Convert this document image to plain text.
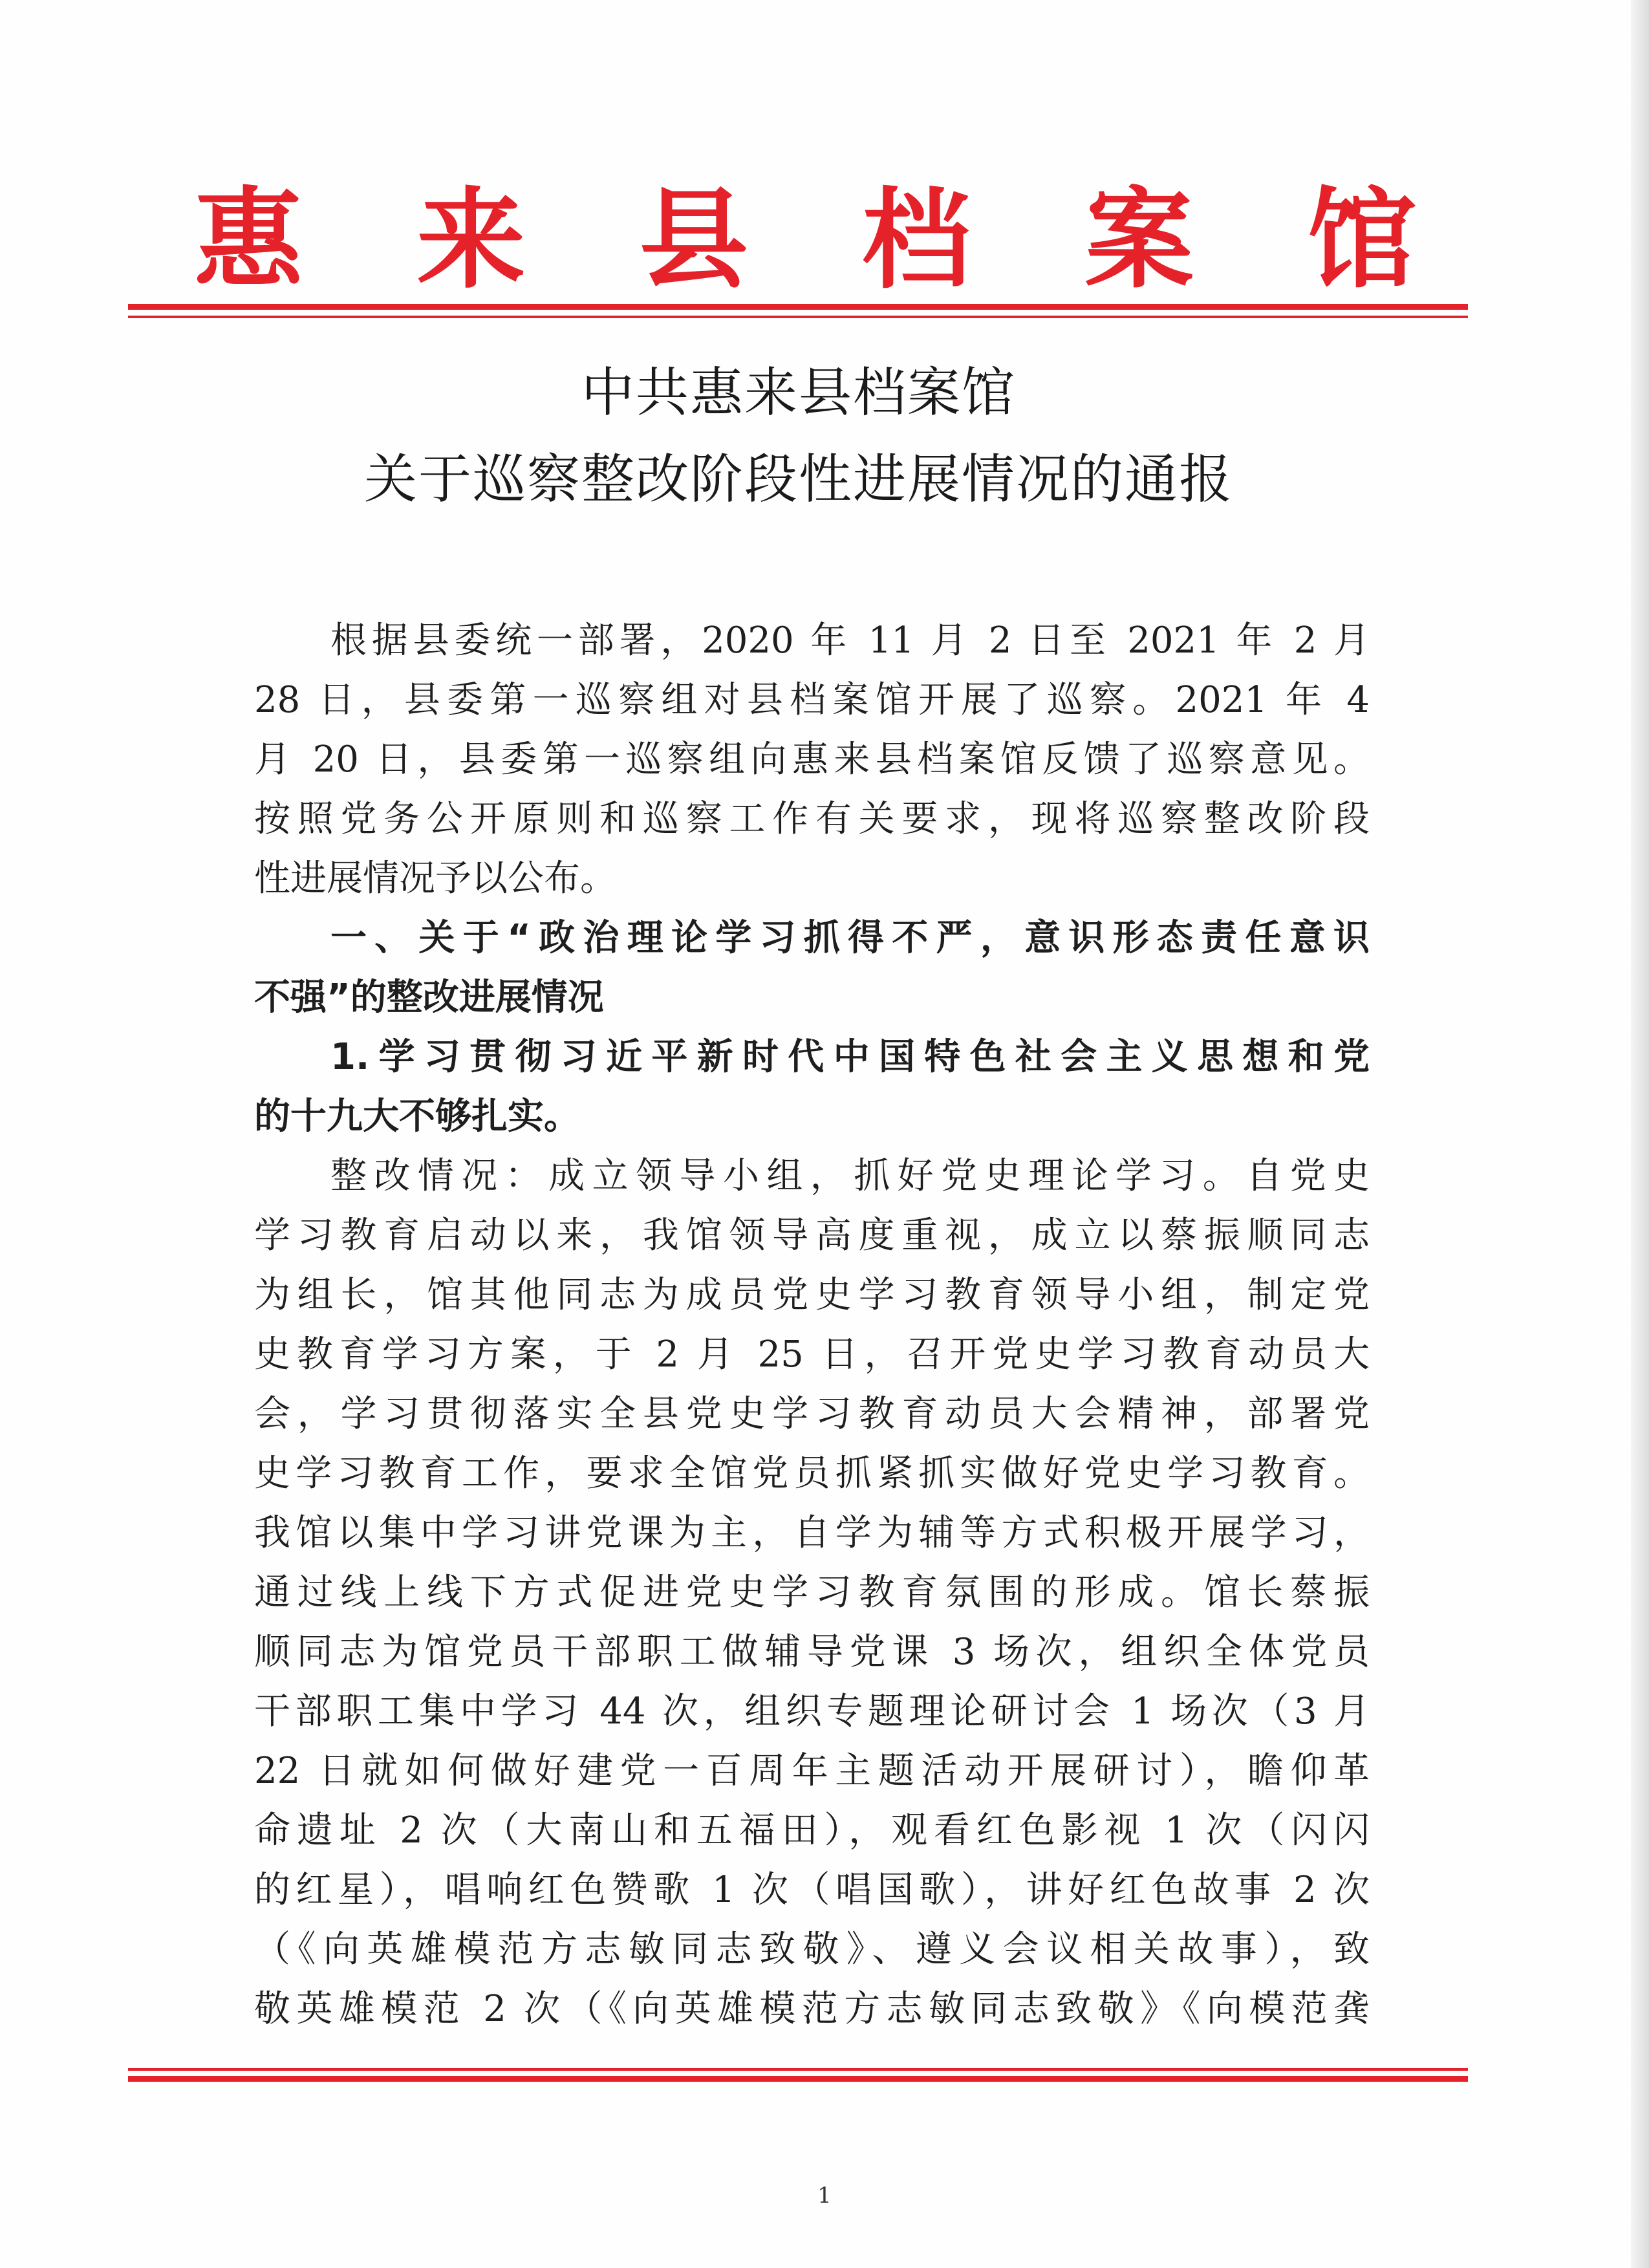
惠 来 县 档 案 馆
中共惠来县档案馆
关于巡察整改阶段性进展情况的通报
根据县委统一部署，2020 年 11 月 2 日至 2021 年 2 月
28 日，县委第一巡察组对县档案馆开展了巡察。2021 年 4
月 20 日，县委第一巡察组向惠来县档案馆反馈了巡察意见。
按照党务公开原则和巡察工作有关要求，现将巡察整改阶段
性进展情况予以公布。
一、关于“政治理论学习抓得不严，意识形态责任意识
不强”的整改进展情况
1.学习贯彻习近平新时代中国特色社会主义思想和党
的十九大不够扎实。
整改情况：成立领导小组，抓好党史理论学习。自党史
学习教育启动以来，我馆领导高度重视，成立以蔡振顺同志
为组长，馆其他同志为成员党史学习教育领导小组，制定党
史教育学习方案，于 2 月 25 日，召开党史学习教育动员大
会，学习贯彻落实全县党史学习教育动员大会精神，部署党
史学习教育工作，要求全馆党员抓紧抓实做好党史学习教育。
我馆以集中学习讲党课为主，自学为辅等方式积极开展学习，
通过线上线下方式促进党史学习教育氛围的形成。馆长蔡振
顺同志为馆党员干部职工做辅导党课 3 场次，组织全体党员
干部职工集中学习 44 次，组织专题理论研讨会 1 场次（3 月
22 日就如何做好建党一百周年主题活动开展研讨），瞻仰革
命遗址 2 次（大南山和五福田），观看红色影视 1 次（闪闪
的红星），唱响红色赞歌 1 次（唱国歌），讲好红色故事 2 次
（《向英雄模范方志敏同志致敬》、遵义会议相关故事），致
敬英雄模范 2 次（《向英雄模范方志敏同志致敬》《向模范龚
1
